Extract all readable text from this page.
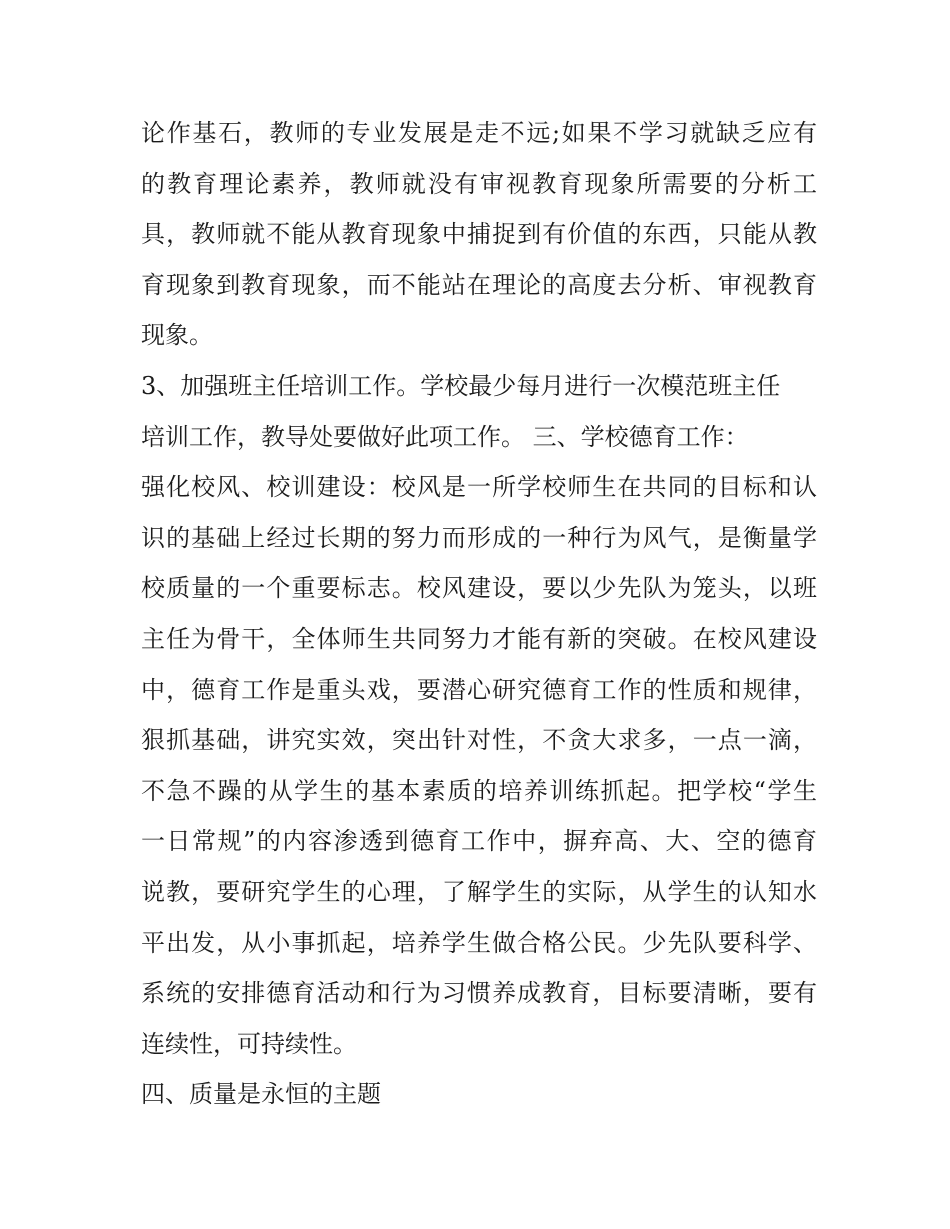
论作基石，教师的专业发展是走不远;如果不学习就缺乏应有
的教育理论素养，教师就没有审视教育现象所需要的分析工
具，教师就不能从教育现象中捕捉到有价值的东西，只能从教
育现象到教育现象，而不能站在理论的高度去分析、审视教育
现象。
3、加强班主任培训工作。学校最少每月进行一次模范班主任
培训工作，教导处要做好此项工作。 三、学校德育工作：
强化校风、校训建设：校风是一所学校师生在共同的目标和认
识的基础上经过长期的努力而形成的一种行为风气，是衡量学
校质量的一个重要标志。校风建设，要以少先队为笼头，以班
主任为骨干，全体师生共同努力才能有新的突破。在校风建设
中，德育工作是重头戏，要潜心研究德育工作的性质和规律，
狠抓基础，讲究实效，突出针对性，不贪大求多，一点一滴，
不急不躁的从学生的基本素质的培养训练抓起。把学校“学生
一日常规”的内容渗透到德育工作中，摒弃高、大、空的德育
说教，要研究学生的心理，了解学生的实际，从学生的认知水
平出发，从小事抓起，培养学生做合格公民。少先队要科学、
系统的安排德育活动和行为习惯养成教育，目标要清晰，要有
连续性，可持续性。
四、质量是永恒的主题
